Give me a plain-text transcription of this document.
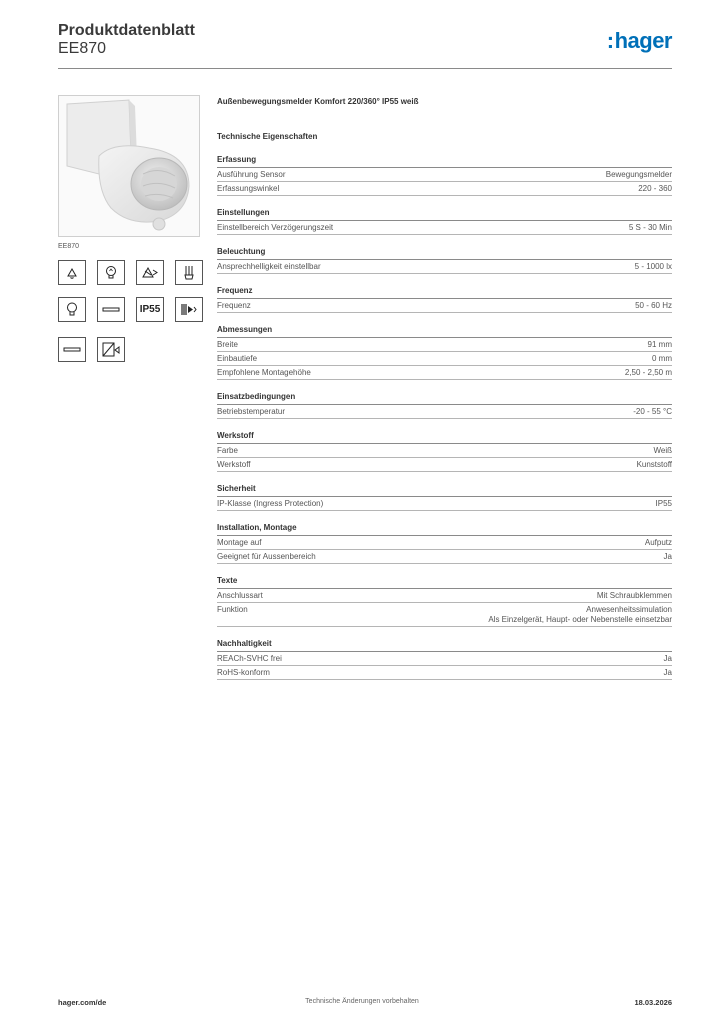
Produktdatenblatt
EE870	:hager
EE870
IP55
Außenbewegungsmelder Komfort 220/360° IP55 weiß
Technische Eigenschaften
Erfassung
Ausführung Sensor	Bewegungsmelder
Erfassungswinkel	220 - 360
Einstellungen
Einstellbereich Verzögerungszeit	5 S - 30 Min
Beleuchtung
Ansprechhelligkeit einstellbar	5 - 1000 lx
Frequenz
Frequenz	50 - 60 Hz
Abmessungen
Breite	91 mm
Einbautiefe	0 mm
Empfohlene Montagehöhe	2,50 - 2,50 m
Einsatzbedingungen
Betriebstemperatur	-20 - 55 °C
Werkstoff
Farbe	Weiß
Werkstoff	Kunststoff
Sicherheit
IP-Klasse (Ingress Protection)	IP55
Installation, Montage
Montage auf	Aufputz
Geeignet für Aussenbereich	Ja
Texte
Anschlussart	Mit Schraubklemmen
Funktion	Anwesenheitssimulation
Als Einzelgerät, Haupt- oder Nebenstelle einsetzbar
Nachhaltigkeit
REACh-SVHC frei	Ja
RoHS-konform	Ja
hager.com/de	Technische Änderungen vorbehalten	18.03.2026
